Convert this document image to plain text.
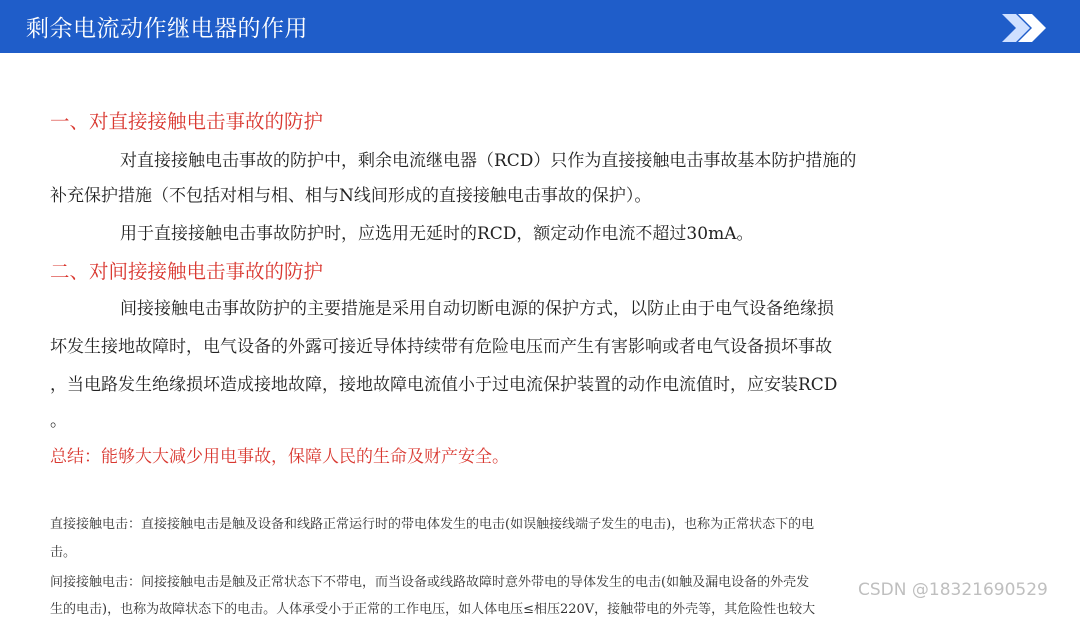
剩余电流动作继电器的作用
一、对直接接触电击事故的防护
对直接接触电击事故的防护中，剩余电流继电器（RCD）只作为直接接触电击事故基本防护措施的
补充保护措施（不包括对相与相、相与N线间形成的直接接触电击事故的保护）。
用于直接接触电击事故防护时，应选用无延时的RCD，额定动作电流不超过30mA。
二、对间接接触电击事故的防护
间接接触电击事故防护的主要措施是采用自动切断电源的保护方式，以防止由于电气设备绝缘损
坏发生接地故障时，电气设备的外露可接近导体持续带有危险电压而产生有害影响或者电气设备损坏事故
，当电路发生绝缘损坏造成接地故障，接地故障电流值小于过电流保护装置的动作电流值时，应安装RCD
。
总结：能够大大减少用电事故，保障人民的生命及财产安全。
直接接触电击：直接接触电击是触及设备和线路正常运行时的带电体发生的电击(如误触接线端子发生的电击)，也称为正常状态下的电
击。
间接接触电击：间接接触电击是触及正常状态下不带电，而当设备或线路故障时意外带电的导体发生的电击(如触及漏电设备的外壳发
生的电击)，也称为故障状态下的电击。人体承受小于正常的工作电压，如人体电压≤相压220V，接触带电的外壳等，其危险性也较大
CSDN @18321690529
